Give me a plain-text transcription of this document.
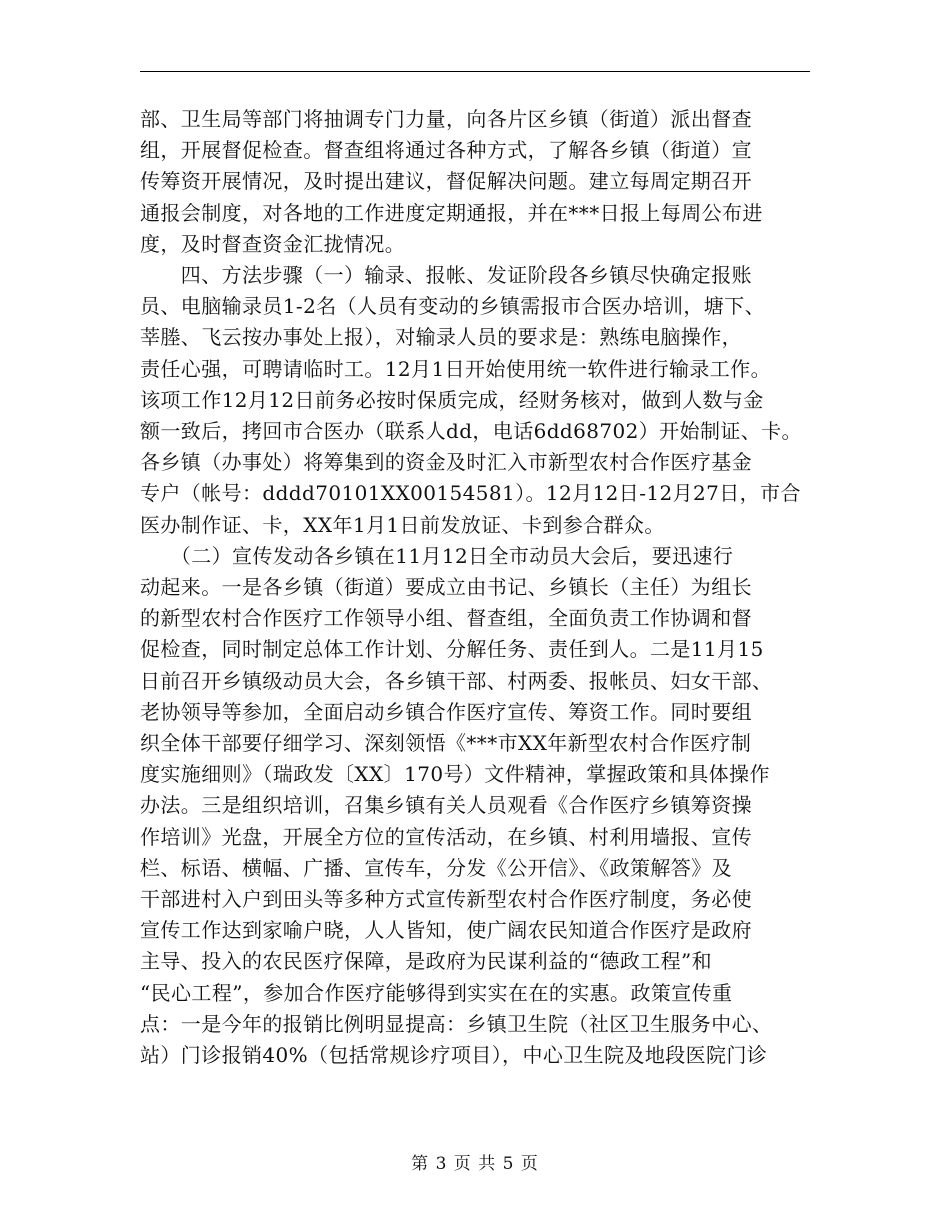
部、卫生局等部门将抽调专门力量，向各片区乡镇（街道）派出督查
组，开展督促检查。督查组将通过各种方式，了解各乡镇（街道）宣
传筹资开展情况，及时提出建议，督促解决问题。建立每周定期召开
通报会制度，对各地的工作进度定期通报，并在***日报上每周公布进
度，及时督查资金汇拢情况。
　　四、方法步骤（一）输录、报帐、发证阶段各乡镇尽快确定报账
员、电脑输录员1-2名（人员有变动的乡镇需报市合医办培训，塘下、
莘塍、飞云按办事处上报），对输录人员的要求是：熟练电脑操作，
责任心强，可聘请临时工。12月1日开始使用统一软件进行输录工作。
该项工作12月12日前务必按时保质完成，经财务核对，做到人数与金
额一致后，拷回市合医办（联系人dd，电话6dd68702）开始制证、卡。
各乡镇（办事处）将筹集到的资金及时汇入市新型农村合作医疗基金
专户（帐号：dddd70101XX00154581）。12月12日-12月27日，市合
医办制作证、卡，XX年1月1日前发放证、卡到参合群众。
　　（二）宣传发动各乡镇在11月12日全市动员大会后，要迅速行
动起来。一是各乡镇（街道）要成立由书记、乡镇长（主任）为组长
的新型农村合作医疗工作领导小组、督查组，全面负责工作协调和督
促检查，同时制定总体工作计划、分解任务、责任到人。二是11月15
日前召开乡镇级动员大会，各乡镇干部、村两委、报帐员、妇女干部、
老协领导等参加，全面启动乡镇合作医疗宣传、筹资工作。同时要组
织全体干部要仔细学习、深刻领悟《***市XX年新型农村合作医疗制
度实施细则》（瑞政发〔XX〕170号）文件精神，掌握政策和具体操作
办法。三是组织培训，召集乡镇有关人员观看《合作医疗乡镇筹资操
作培训》光盘，开展全方位的宣传活动，在乡镇、村利用墙报、宣传
栏、标语、横幅、广播、宣传车，分发《公开信》、《政策解答》及
干部进村入户到田头等多种方式宣传新型农村合作医疗制度，务必使
宣传工作达到家喻户晓，人人皆知，使广阔农民知道合作医疗是政府
主导、投入的农民医疗保障，是政府为民谋利益的“德政工程”和
“民心工程”，参加合作医疗能够得到实实在在的实惠。政策宣传重
点：一是今年的报销比例明显提高：乡镇卫生院（社区卫生服务中心、
站）门诊报销40%（包括常规诊疗项目），中心卫生院及地段医院门诊
第 3 页 共 5 页
